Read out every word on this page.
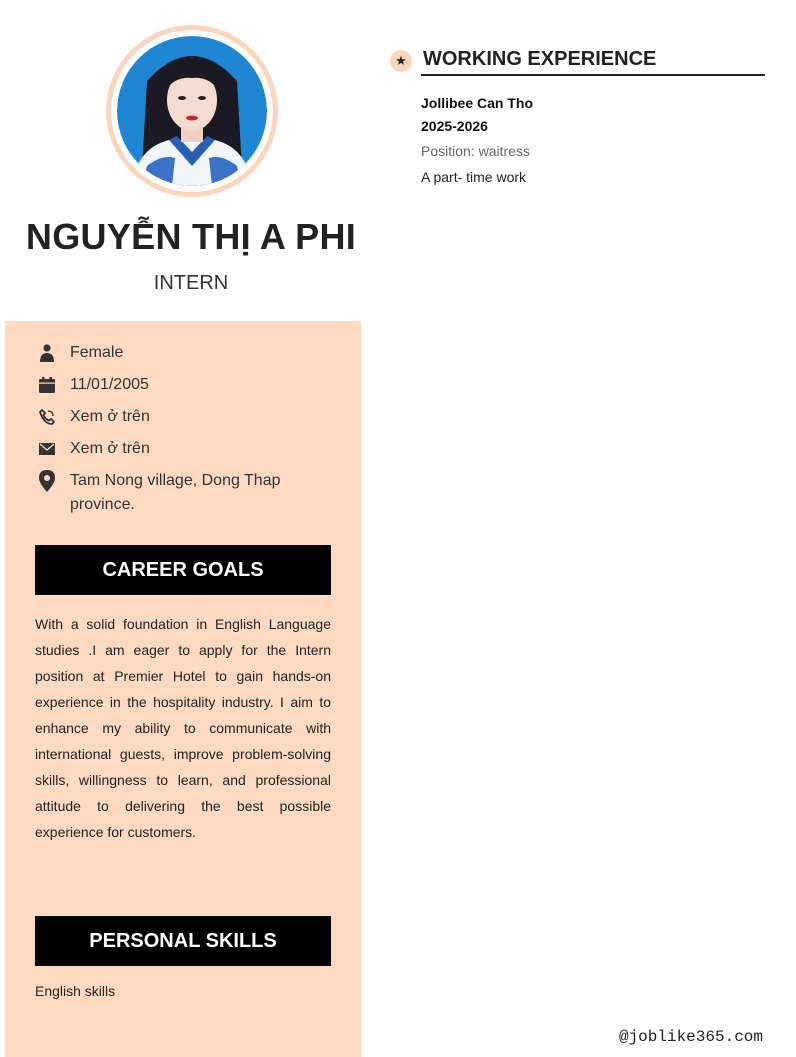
NGUYỄN THỊ A PHI
INTERN
Female
11/01/2005
Xem ở trên
Xem ở trên
Tam Nong village, Dong Thap province.
CAREER GOALS
With a solid foundation in English Language studies .I am eager to apply for the Intern position at Premier Hotel to gain hands-on experience in the hospitality industry. I aim to enhance my ability to communicate with international guests, improve problem-solving skills, willingness to learn, and professional attitude to delivering the best possible experience for customers.
PERSONAL SKILLS
English skills
★ WORKING EXPERIENCE
Jollibee Can Tho
2025-2026
Position: waitress
A part- time work
@joblike365.com
